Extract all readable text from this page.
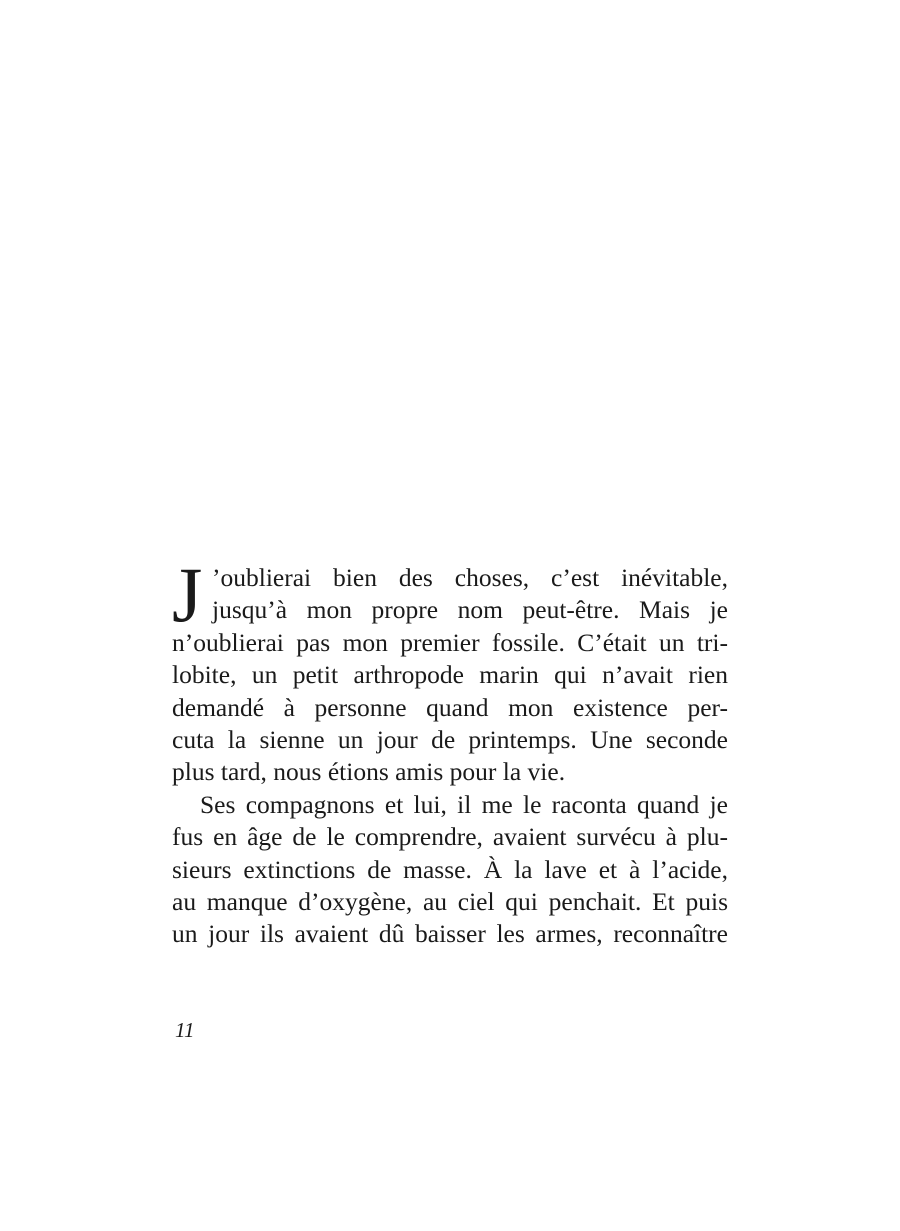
J ’oublierai bien des choses, c’est inévitable,
jusqu’à mon propre nom peut-être. Mais je
n’oublierai pas mon premier fossile. C’était un tri-
lobite, un petit arthropode marin qui n’avait rien
demandé à personne quand mon existence per-
cuta la sienne un jour de printemps. Une seconde
plus tard, nous étions amis pour la vie.
Ses compagnons et lui, il me le raconta quand je
fus en âge de le comprendre, avaient survécu à plu-
sieurs extinctions de masse. À la lave et à l’acide,
au manque d’oxygène, au ciel qui penchait. Et puis
un jour ils avaient dû baisser les armes, reconnaître
11
